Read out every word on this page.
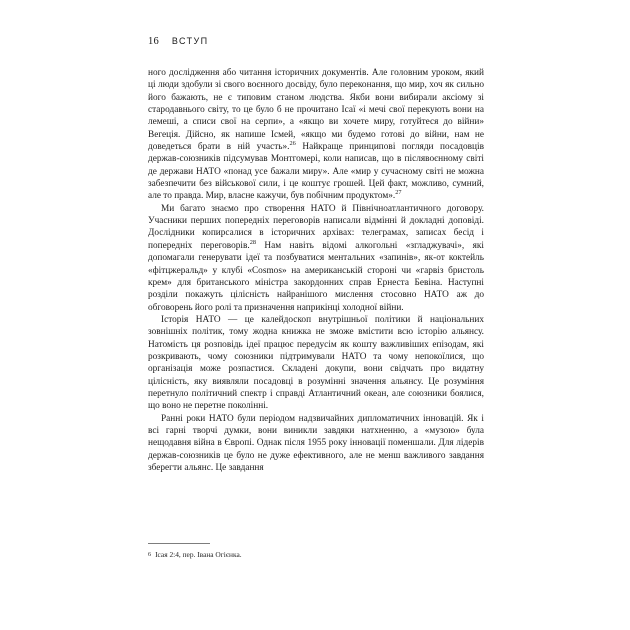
16 ВСТУП

ного дослідження або читання історичних документів. Але головним уроком, який ці люди здобули зі свого воєнного досвіду, було переконання, що мир, хоч як сильно його бажають, не є типовим станом людства. Якби вони вибирали аксіому зі стародавнього світу, то це було б не прочитано Ісаї «і мечі свої перекують вони на лемеші, а списи свої на серпи», а «якщо ви хочете миру, готуйтеся до війни» Вегеція. Дійсно, як напише Ісмей, «якщо ми будемо готові до війни, нам не доведеться брати в ній участь».$^{26}$ Найкраще принципові погляди посадовців держав-союзників підсумував Монтгомері, коли написав, що в післявоєнному світі де держави НАТО «понад усе бажали миру». Але «мир у сучасному світі не можна забезпечити без військової сили, і це коштує грошей. Цей факт, можливо, сумний, але то правда. Мир, власне кажучи, був побічним продуктом».$^{27}$

Ми багато знаємо про створення НАТО й Північноатлантичного договору. Учасники перших попередніх переговорів написали відмінні й докладні доповіді. Дослідники копирсалися в історичних архівах: телеграмах, записах бесід і попередніх переговорів.$^{28}$ Нам навіть відомі алкогольні «згладжувачі», які допомагали генерувати ідеї та позбуватися ментальних «запинів», як-от коктейль «фітцжеральд» у клубі «Cosmos» на американській стороні чи «гарвіз бристоль крем» для британського міністра закордонних справ Ернеста Бевіна. Наступні розділи покажуть цілісність найранішого мислення стосовно НАТО аж до обговорень його ролі та призначення наприкінці холодної війни.

Історія НАТО — це калейдоскоп внутрішньої політики й національних зовнішніх політик, тому жодна книжка не зможе вмістити всю історію альянсу. Натомість ця розповідь ідеї працює передусім як кошту важливіших епізодам, які розкривають, чому союзники підтримували НАТО та чому непокоїлися, що організація може розпастися. Складені докупи, вони свідчать про видатну цілісність, яку виявляли посадовці в розумінні значення альянсу. Це розуміння перетнуло політичний спектр і справді Атлантичний океан, але союзники боялися, що воно не перетне поколінні.

Ранні роки НАТО були періодом надзвичайних дипломатичних інновацій. Як і всі гарні творчі думки, вони виникли завдяки натхненню, а «музою» була нещодавня війна в Європі. Однак після 1955 року інновації поменшали. Для лідерів держав-союзників це було не дуже ефективного, але не менш важливого завдання зберегти альянс. Це завдання

6 Ісая 2:4, пер. Івана Огієнка.
